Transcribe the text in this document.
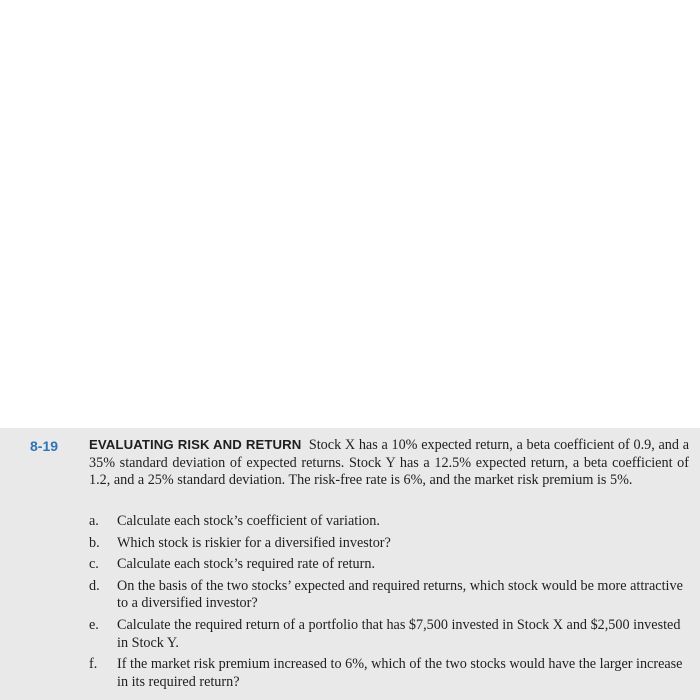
8-19 EVALUATING RISK AND RETURN Stock X has a 10% expected return, a beta coefficient of 0.9, and a 35% standard deviation of expected returns. Stock Y has a 12.5% expected return, a beta coefficient of 1.2, and a 25% standard deviation. The risk-free rate is 6%, and the market risk premium is 5%.

a. Calculate each stock’s coefficient of variation.
b. Which stock is riskier for a diversified investor?
c. Calculate each stock’s required rate of return.
d. On the basis of the two stocks’ expected and required returns, which stock would be more attractive to a diversified investor?
e. Calculate the required return of a portfolio that has $7,500 invested in Stock X and $2,500 invested in Stock Y.
f. If the market risk premium increased to 6%, which of the two stocks would have the larger increase in its required return?
